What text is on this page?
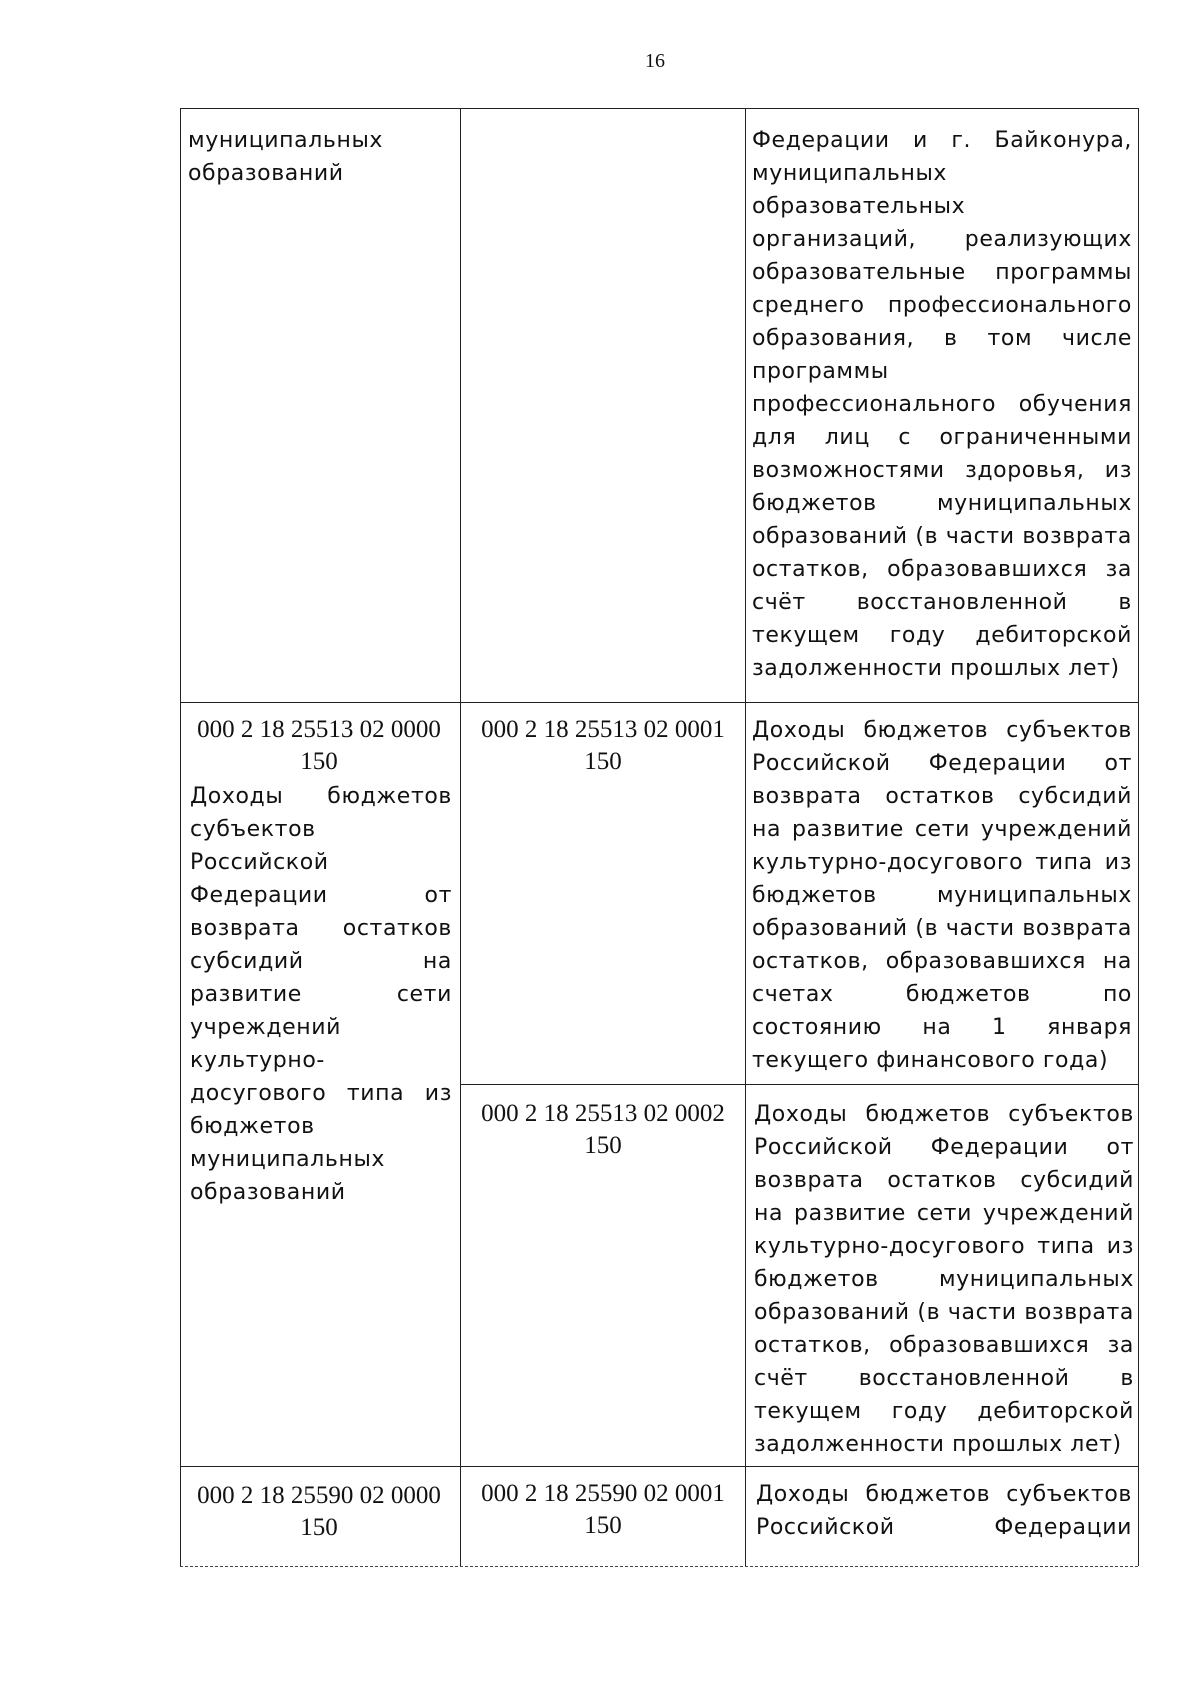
16
муниципальных образований
Федерации и г. Байконура, муниципальных образовательных организаций, реализующих образовательные программы среднего профессионального образования, в том числе программы профессионального обучения для лиц с ограниченными возможностями здоровья, из бюджетов муниципальных образований (в части возврата остатков, образовавшихся за счёт восстановленной в текущем году дебиторской задолженности прошлых лет)
000 2 18 25513 02 0000 150
Доходы бюджетов субъектов Российской Федерации от возврата остатков субсидий на развитие сети учреждений культурно-досугового типа из бюджетов муниципальных образований
000 2 18 25513 02 0001 150
Доходы бюджетов субъектов Российской Федерации от возврата остатков субсидий на развитие сети учреждений культурно-досугового типа из бюджетов муниципальных образований (в части возврата остатков, образовавшихся на счетах бюджетов по состоянию на 1 января текущего финансового года)
000 2 18 25513 02 0002 150
Доходы бюджетов субъектов Российской Федерации от возврата остатков субсидий на развитие сети учреждений культурно-досугового типа из бюджетов муниципальных образований (в части возврата остатков, образовавшихся за счёт восстановленной в текущем году дебиторской задолженности прошлых лет)
000 2 18 25590 02 0000 150
000 2 18 25590 02 0001 150
Доходы бюджетов субъектов Российской Федерации
